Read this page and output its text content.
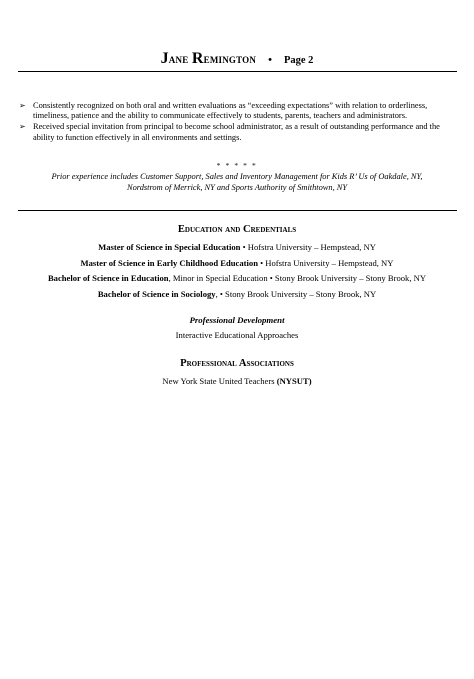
Jane Remington • Page 2
➢ Consistently recognized on both oral and written evaluations as “exceeding expectations” with relation to orderliness, timeliness, patience and the ability to communicate effectively to students, parents, teachers and administrators.
➢ Received special invitation from principal to become school administrator, as a result of outstanding performance and the ability to function effectively in all environments and settings.
* * * * *
Prior experience includes Customer Support, Sales and Inventory Management for Kids R’ Us of Oakdale, NY,
Nordstrom of Merrick, NY and Sports Authority of Smithtown, NY
Education and Credentials
Master of Science in Special Education • Hofstra University – Hempstead, NY
Master of Science in Early Childhood Education • Hofstra University – Hempstead, NY
Bachelor of Science in Education, Minor in Special Education • Stony Brook University – Stony Brook, NY
Bachelor of Science in Sociology, • Stony Brook University – Stony Brook, NY
Professional Development
Interactive Educational Approaches
Professional Associations
New York State United Teachers (NYSUT)
